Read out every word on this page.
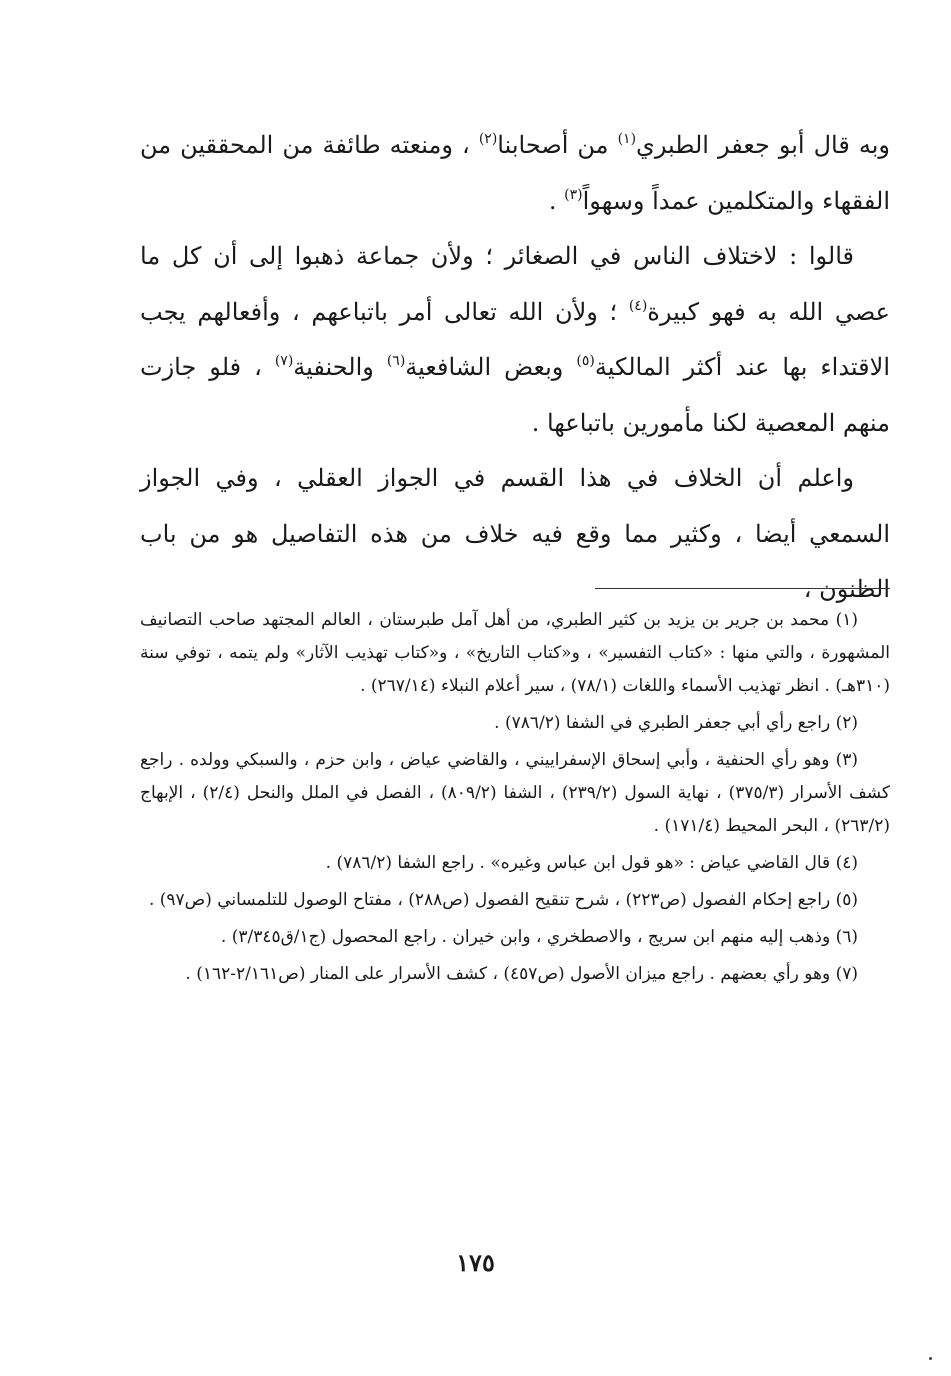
وبه قال أبو جعفر الطبري$^{(١)}$ من أصحابنا$^{(٢)}$ ، ومنعته طائفة من المحققين من الفقهاء والمتكلمين عمداً وسهواً$^{(٣)}$ .

قالوا : لاختلاف الناس في الصغائر ؛ ولأن جماعة ذهبوا إلى أن كل ما عصي الله به فهو كبيرة$^{(٤)}$ ؛ ولأن الله تعالى أمر باتباعهم ، وأفعالهم يجب الاقتداء بها عند أكثر المالكية$^{(٥)}$ وبعض الشافعية$^{(٦)}$ والحنفية$^{(٧)}$ ، فلو جازت منهم المعصية لكنا مأمورين باتباعها .

واعلم أن الخلاف في هذا القسم في الجواز العقلي ، وفي الجواز السمعي أيضا ، وكثير مما وقع فيه خلاف من هذه التفاصيل هو من باب الظنون ،

(١) محمد بن جرير بن يزيد بن كثير الطبري، من أهل آمل طبرستان ، العالم المجتهد صاحب التصانيف المشهورة ، والتي منها : «كتاب التفسير» ، و«كتاب التاريخ» ، و«كتاب تهذيب الآثار» ولم يتمه ، توفي سنة (٣١٠هـ) . انظر تهذيب الأسماء واللغات (٧٨/١) ، سير أعلام النبلاء (٢٦٧/١٤) .

(٢) راجع رأي أبي جعفر الطبري في الشفا (٧٨٦/٢) .

(٣) وهو رأي الحنفية ، وأبي إسحاق الإسفراييني ، والقاضي عياض ، وابن حزم ، والسبكي وولده . راجع كشف الأسرار (٣٧٥/٣) ، نهاية السول (٢٣٩/٢) ، الشفا (٨٠٩/٢) ، الفصل في الملل والنحل (٢/٤) ، الإبهاج (٢٦٣/٢) ، البحر المحيط (١٧١/٤) .

(٤) قال القاضي عياض : «هو قول ابن عباس وغيره» . راجع الشفا (٧٨٦/٢) .

(٥) راجع إحكام الفصول (ص٢٢٣) ، شرح تنقيح الفصول (ص٢٨٨) ، مفتاح الوصول للتلمساني (ص٩٧) .

(٦) وذهب إليه منهم ابن سريج ، والاصطخري ، وابن خيران . راجع المحصول (ج١/ق٣/٣٤٥) .

(٧) وهو رأي بعضهم . راجع ميزان الأصول (ص٤٥٧) ، كشف الأسرار على المنار (ص٢/١٦١-١٦٢) .

١٧٥
